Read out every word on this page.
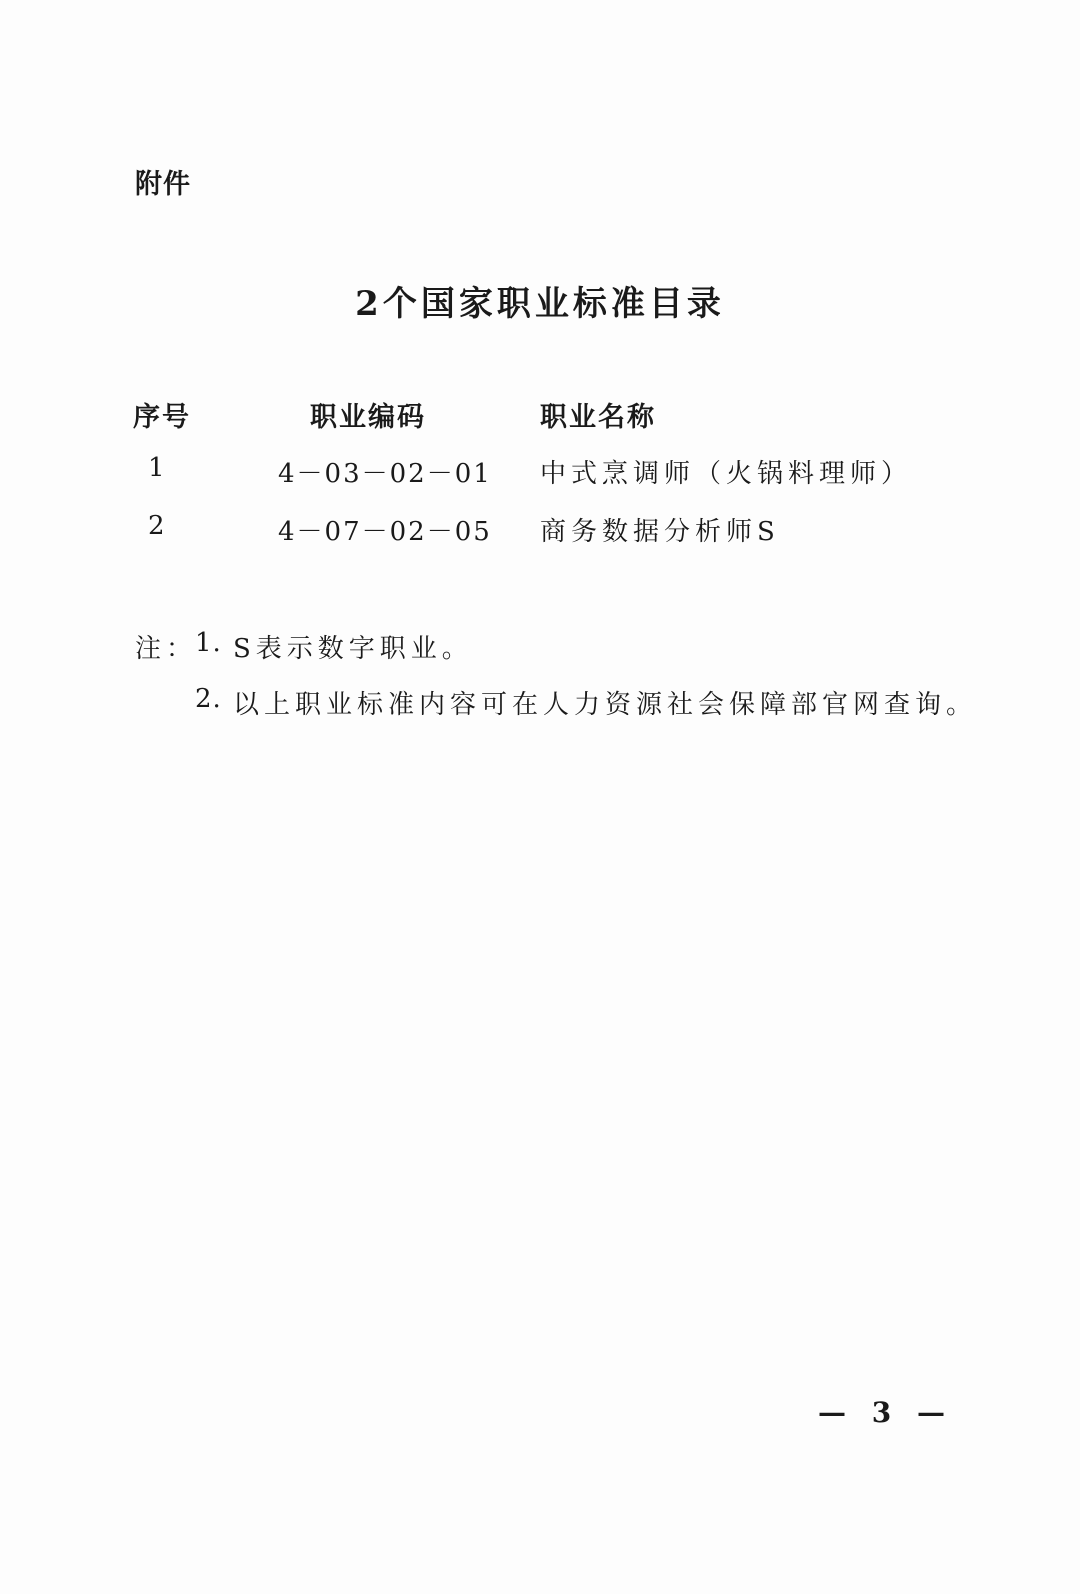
附件
2个国家职业标准目录
序号	职业编码	职业名称
1	4－03－02－01 中式烹调师（火锅料理师）
2	4－07－02－05 商务数据分析师S
注：
1. S表示数字职业。
2. 以上职业标准内容可在人力资源社会保障部官网查询。
— 3 —
